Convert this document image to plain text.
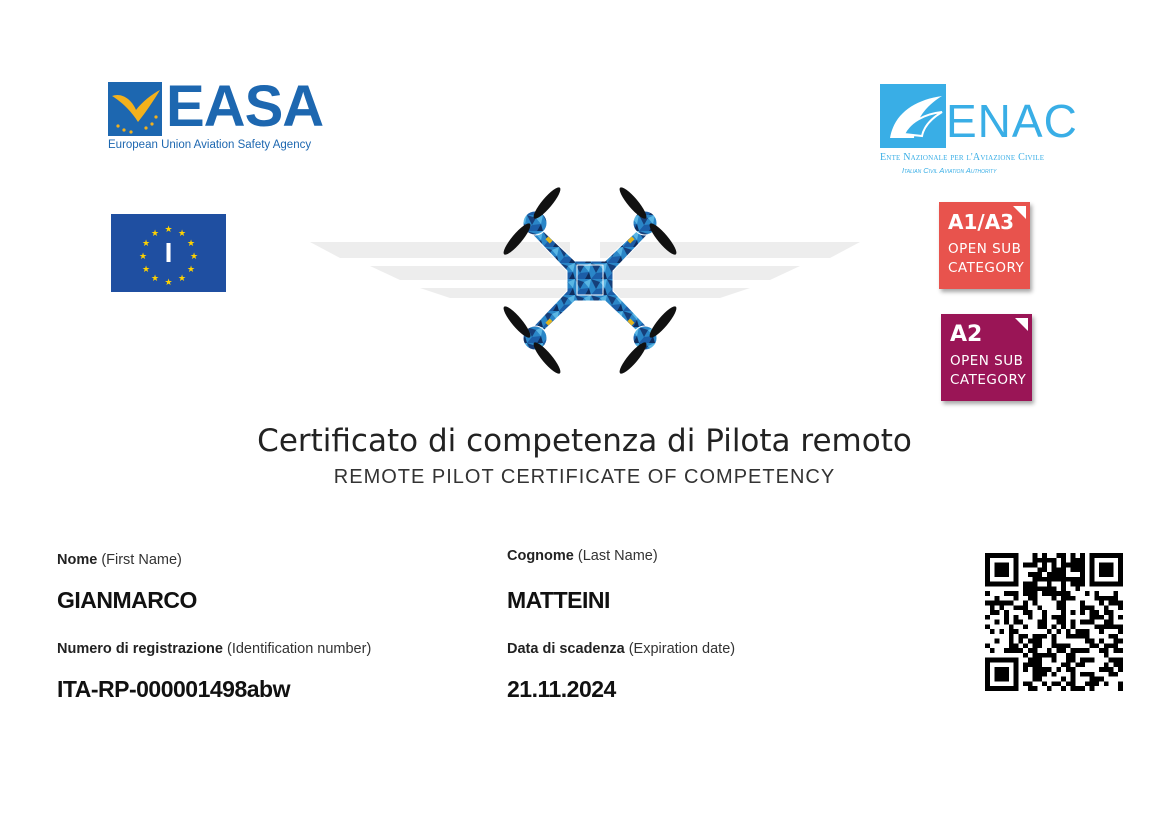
EASA
European Union Aviation Safety Agency	ENAC
Ente Nazionale per l'Aviazione Civile
Italian Civil Aviation Authority
★ ★
★
★
★
★
★
★
★
★
★
★
I
A1/A3
OPEN SUB
CATEGORY
A2
OPEN SUB
CATEGORY
Certificato di competenza di Pilota remoto
REMOTE PILOT CERTIFICATE OF COMPETENCY
Nome (First Name)
GIANMARCO
Cognome (Last Name)
MATTEINI
Numero di registrazione (Identification number)
ITA-RP-000001498abw
Data di scadenza (Expiration date)
21.11.2024
